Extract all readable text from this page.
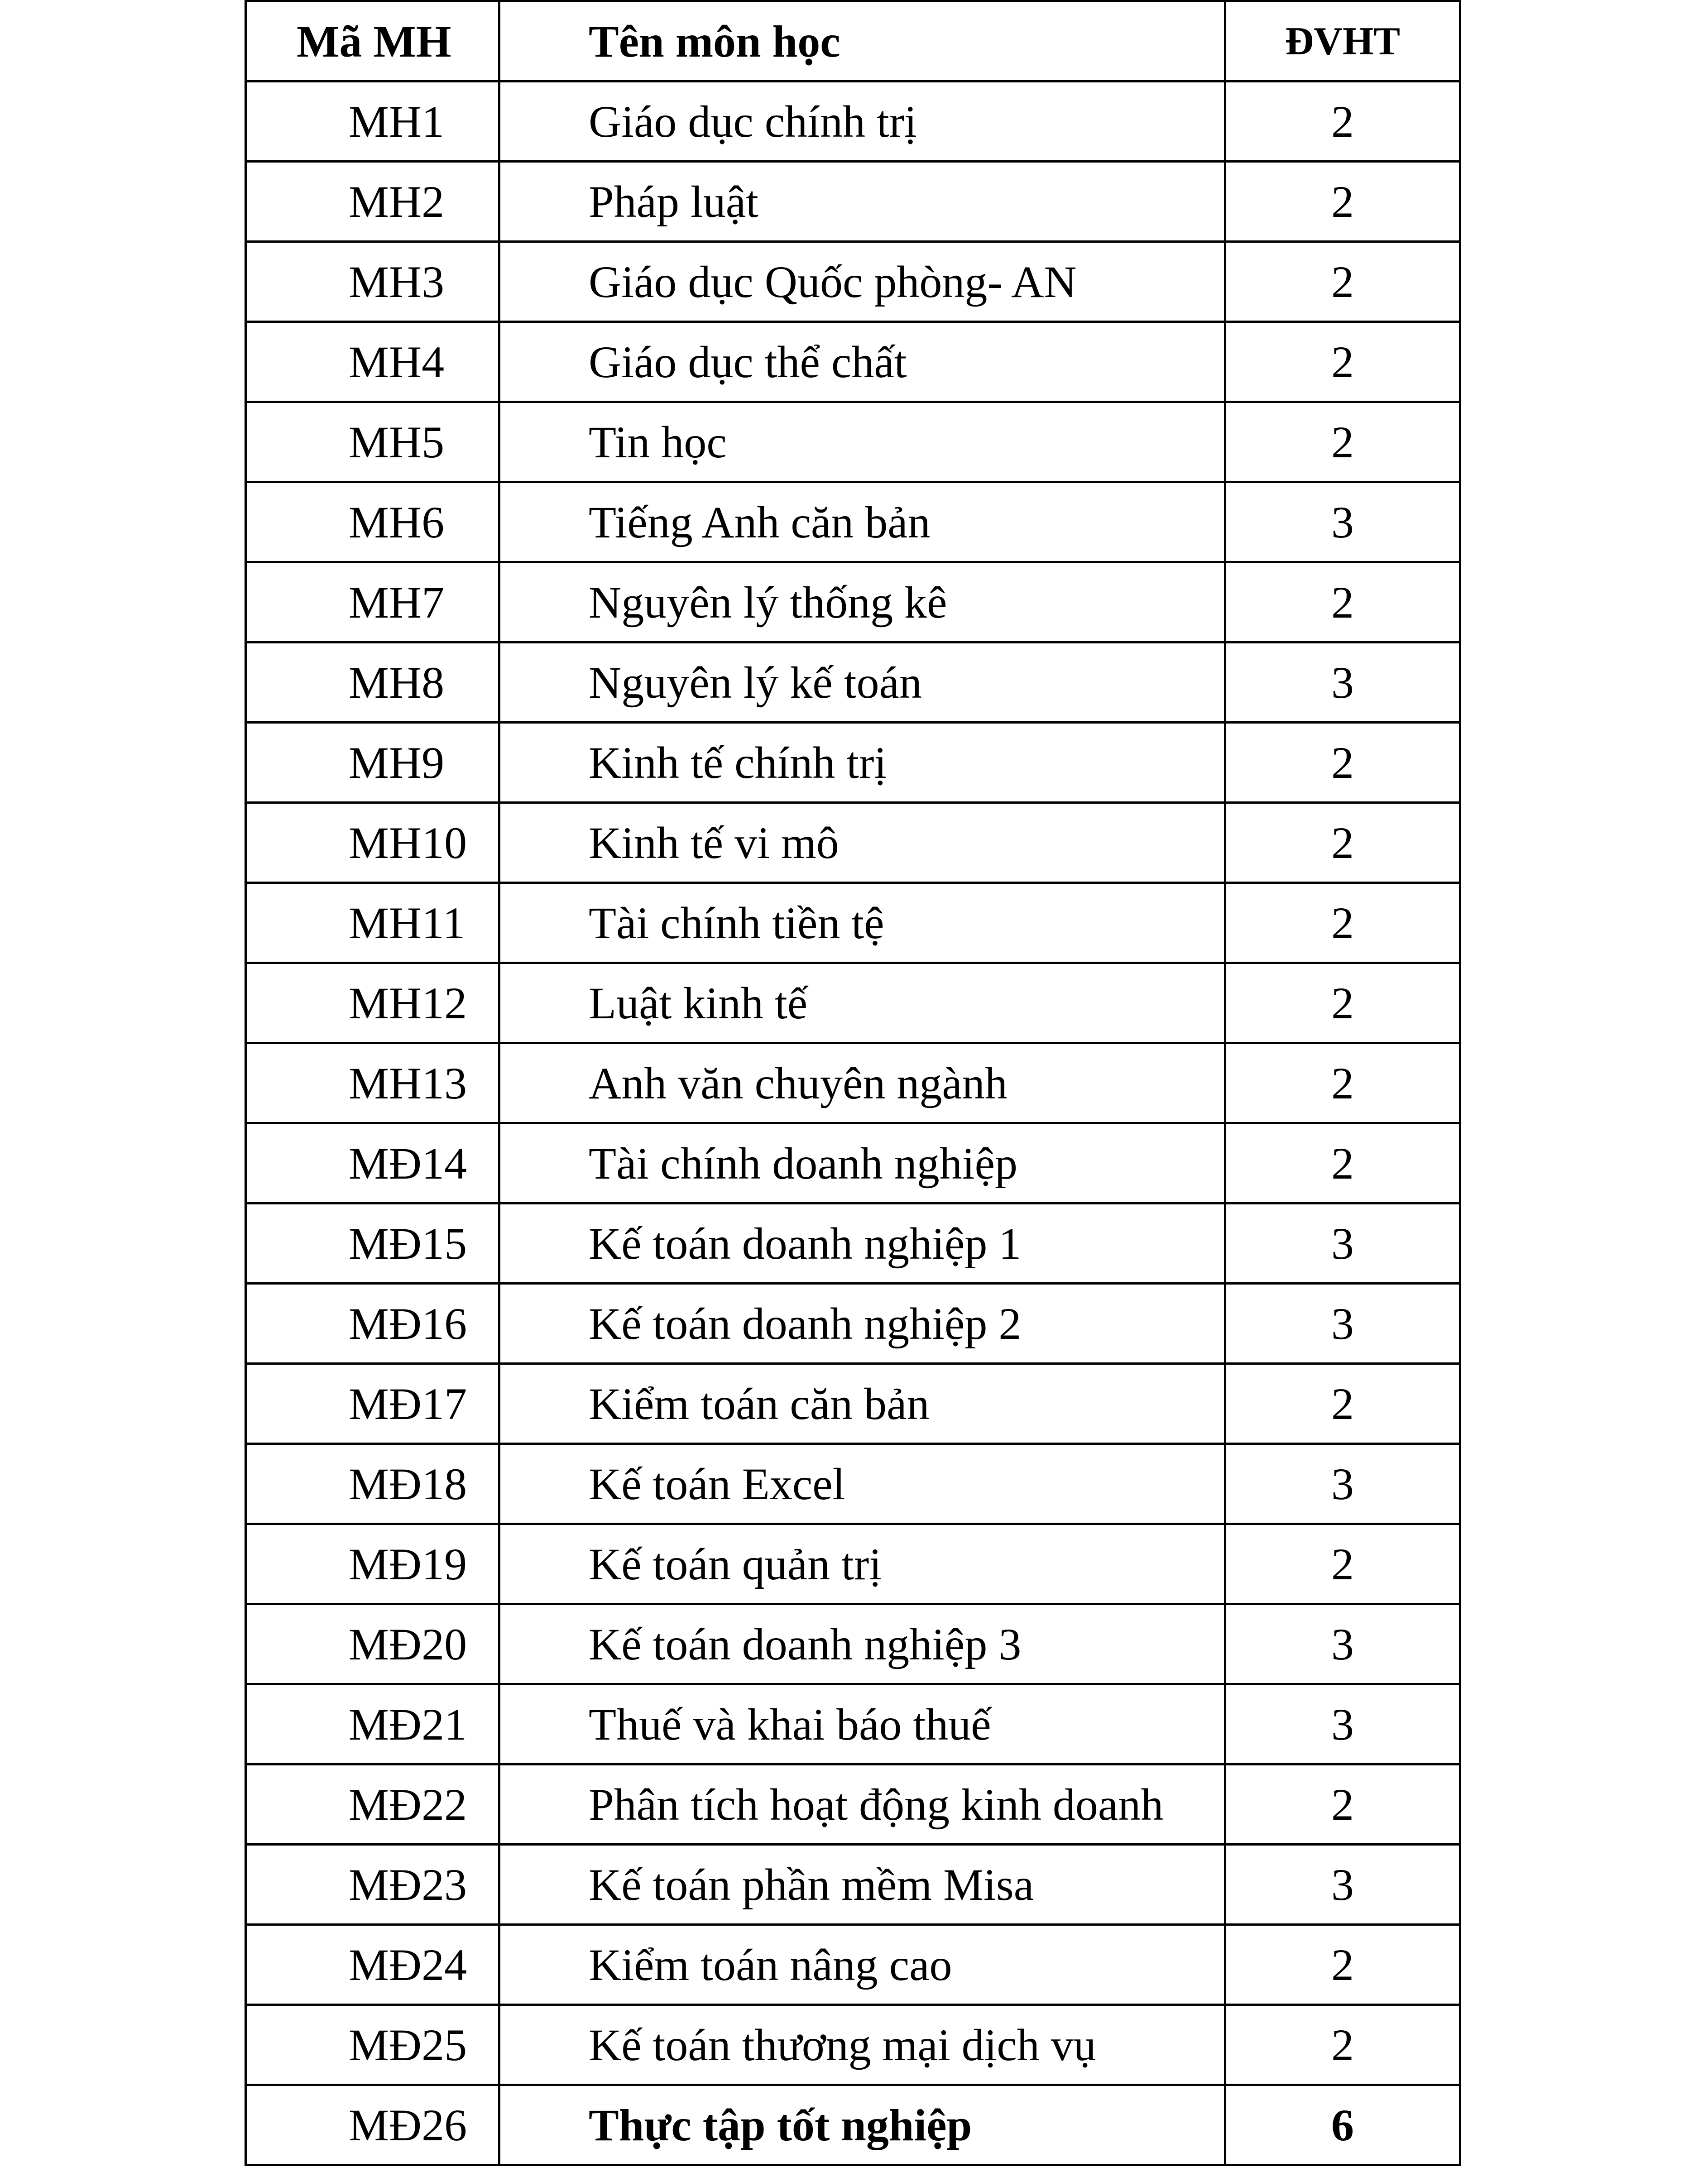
Mã MH	Tên môn học	ĐVHT
MH1	Giáo dục chính trị	2
MH2	Pháp luật	2
MH3	Giáo dục Quốc phòng- AN	2
MH4	Giáo dục thể chất	2
MH5	Tin học	2
MH6	Tiếng Anh căn bản	3
MH7	Nguyên lý thống kê	2
MH8	Nguyên lý kế toán	3
MH9	Kinh tế chính trị	2
MH10	Kinh tế vi mô	2
MH11	Tài chính tiền tệ	2
MH12	Luật kinh tế	2
MH13	Anh văn chuyên ngành	2
MĐ14	Tài chính doanh nghiệp	2
MĐ15	Kế toán doanh nghiệp 1	3
MĐ16	Kế toán doanh nghiệp 2	3
MĐ17	Kiểm toán căn bản	2
MĐ18	Kế toán Excel	3
MĐ19	Kế toán quản trị	2
MĐ20	Kế toán doanh nghiệp 3	3
MĐ21	Thuế và khai báo thuế	3
MĐ22	Phân tích hoạt động kinh doanh	2
MĐ23	Kế toán phần mềm Misa	3
MĐ24	Kiểm toán nâng cao	2
MĐ25	Kế toán thương mại dịch vụ	2
MĐ26	Thực tập tốt nghiệp	6
